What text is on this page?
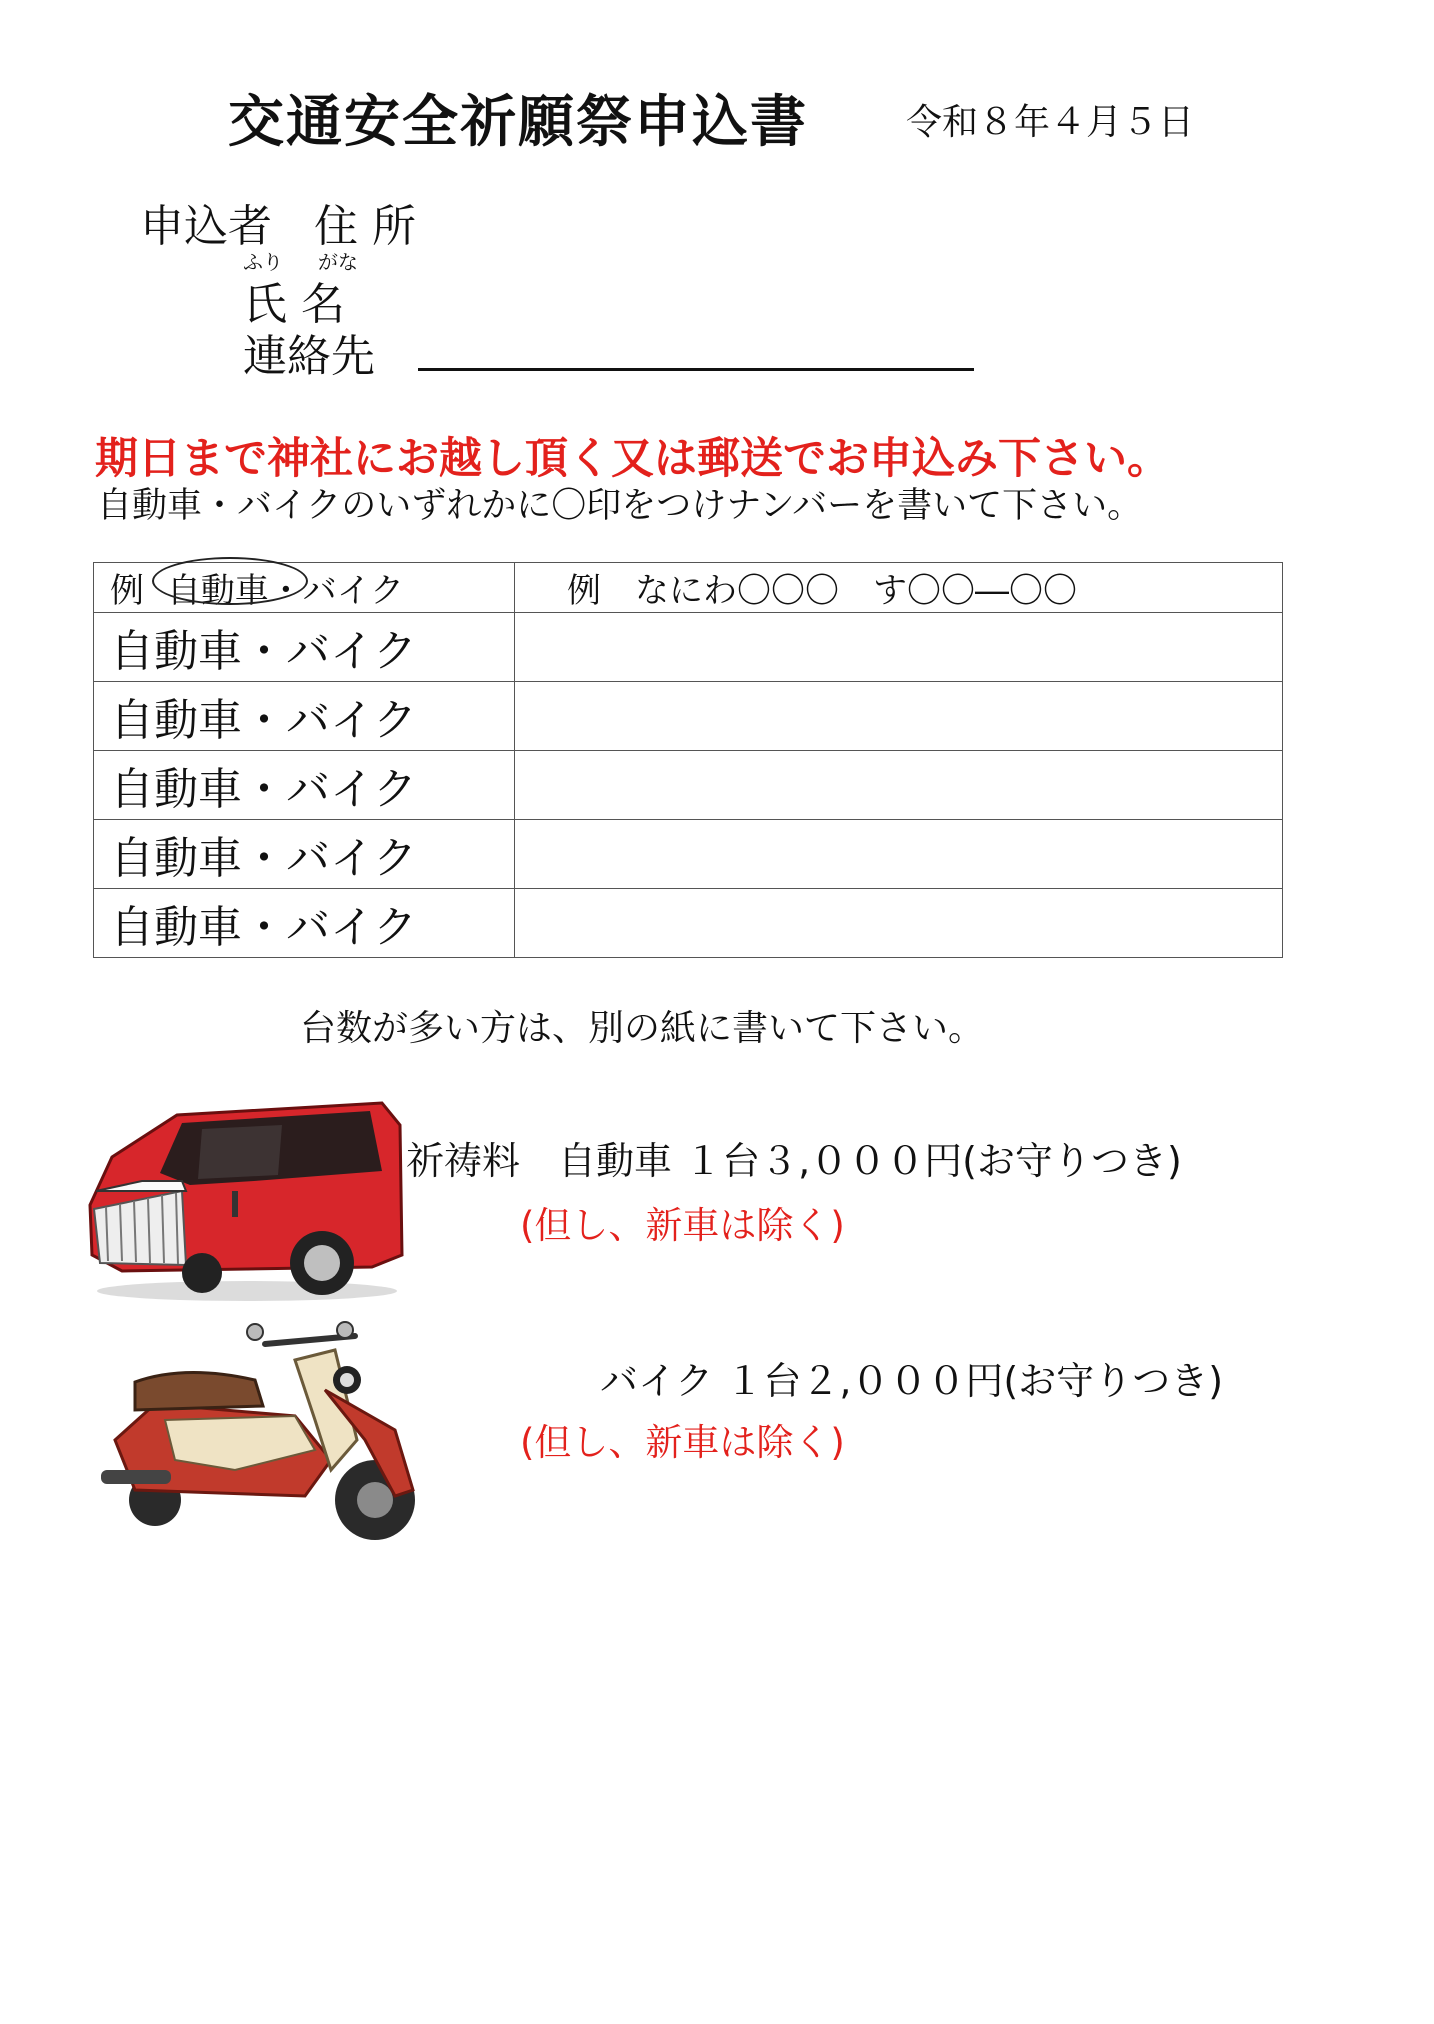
交通安全祈願祭申込書	令和８年４月５日
申込者 住 所
ふり がな
氏 名
連絡先
期日まで神社にお越し頂く又は郵送でお申込み下さい。
自動車・バイクのいずれかに〇印をつけナンバーを書いて下さい。
例 自動車・バイク	例　なにわ〇〇〇　す〇〇―〇〇

自動車・バイク	

自動車・バイク	

自動車・バイク	

自動車・バイク	

自動車・バイク	

台数が多い方は、別の紙に書いて下さい。
祈祷料　自動車 １台３,０００円(お守りつき)
(但し、新車は除く)
バイク １台２,０００円(お守りつき)
(但し、新車は除く)
